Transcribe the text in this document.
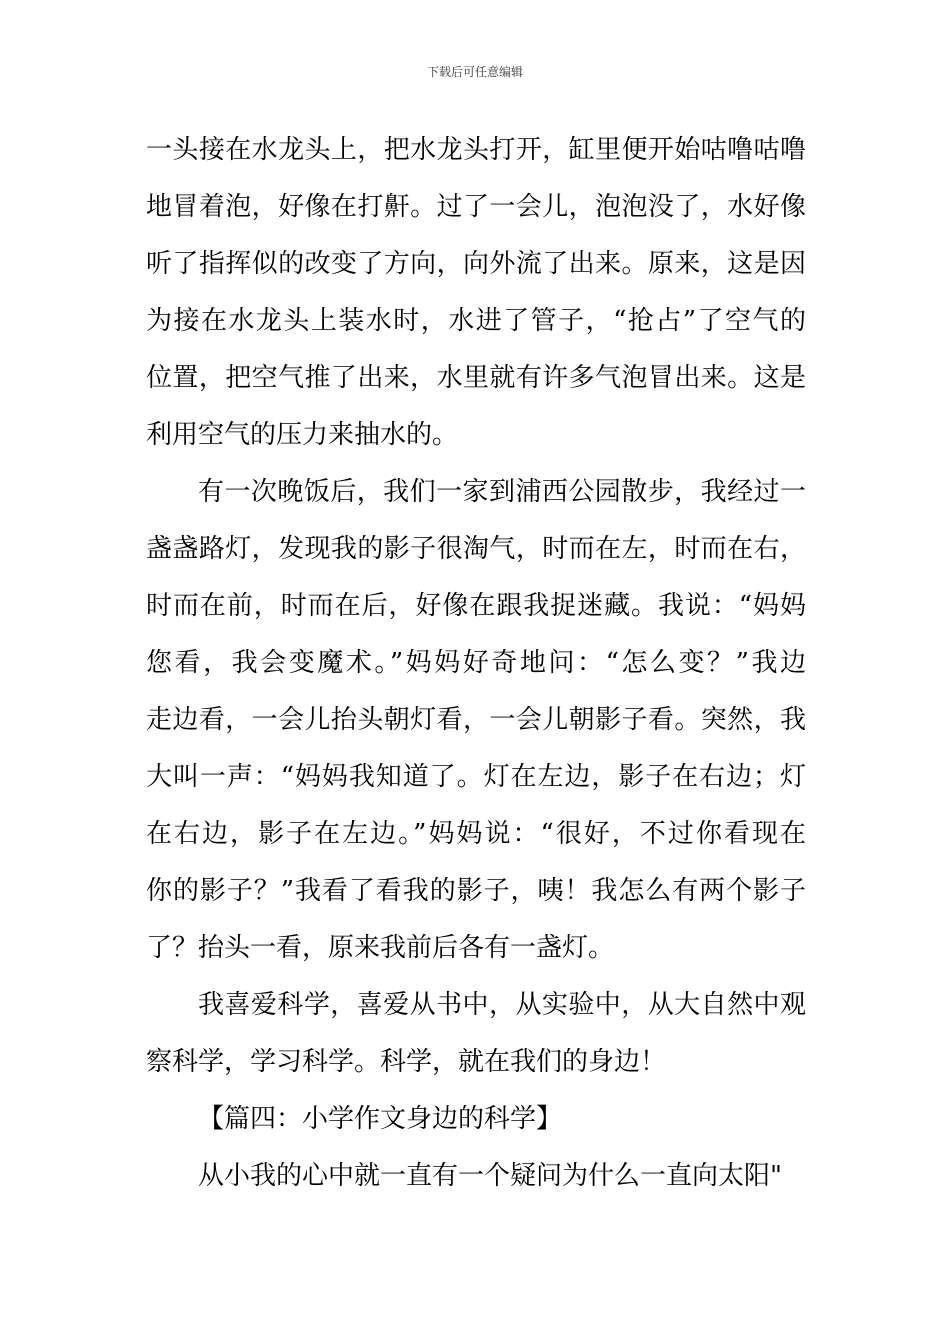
下载后可任意编辑
一头接在水龙头上，把水龙头打开，缸里便开始咕噜咕噜
地冒着泡，好像在打鼾。过了一会儿，泡泡没了，水好像
听了指挥似的改变了方向，向外流了出来。原来，这是因
为接在水龙头上装水时，水进了管子，“抢占”了空气的
位置，把空气推了出来，水里就有许多气泡冒出来。这是
利用空气的压力来抽水的。
有一次晚饭后，我们一家到浦西公园散步，我经过一
盏盏路灯，发现我的影子很淘气，时而在左，时而在右，
时而在前，时而在后，好像在跟我捉迷藏。我说：“妈妈
您看，我会变魔术。”妈妈好奇地问：“怎么变？”我边
走边看，一会儿抬头朝灯看，一会儿朝影子看。突然，我
大叫一声：“妈妈我知道了。灯在左边，影子在右边；灯
在右边，影子在左边。”妈妈说：“很好，不过你看现在
你的影子？”我看了看我的影子，咦！我怎么有两个影子
了？抬头一看，原来我前后各有一盏灯。
我喜爱科学，喜爱从书中，从实验中，从大自然中观
察科学，学习科学。科学，就在我们的身边！
【篇四：小学作文身边的科学】
从小我的心中就一直有一个疑问为什么一直向太阳"
